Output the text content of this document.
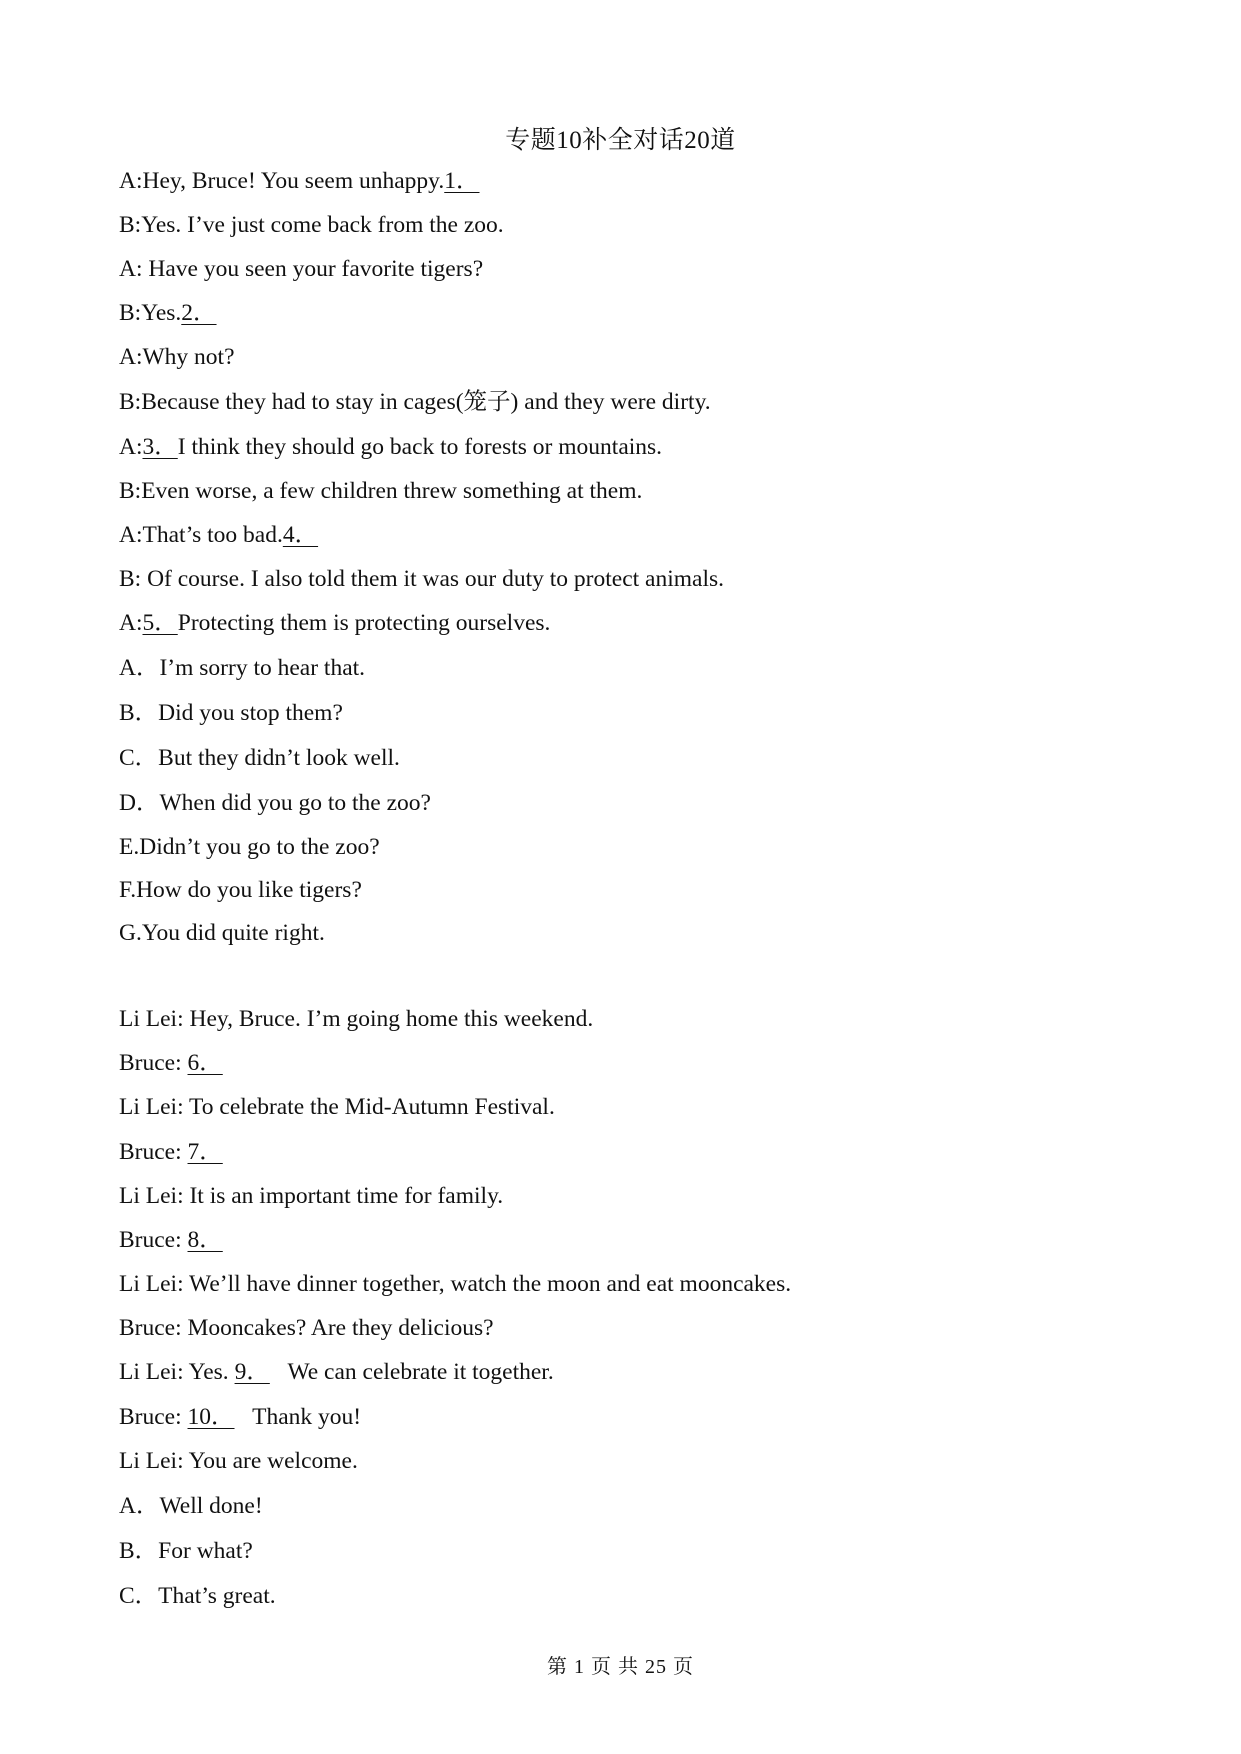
专题10补全对话20道
A:Hey, Bruce! You seem unhappy.1．
B:Yes. I’ve just come back from the zoo.
A: Have you seen your favorite tigers?
B:Yes.2．
A:Why not?
B:Because they had to stay in cages(笼子) and they were dirty.
A:3．I think they should go back to forests or mountains.
B:Even worse, a few children threw something at them.
A:That’s too bad.4．
B: Of course. I also told them it was our duty to protect animals.
A:5．Protecting them is protecting ourselves.
A．I’m sorry to hear that.
B．Did you stop them?
C．But they didn’t look well.
D．When did you go to the zoo?
E.Didn’t you go to the zoo?
F.How do you like tigers?
G.You did quite right.
Li Lei: Hey, Bruce. I’m going home this weekend.
Bruce: 6．
Li Lei: To celebrate the Mid-Autumn Festival.
Bruce: 7．
Li Lei: It is an important time for family.
Bruce: 8．
Li Lei: We’ll have dinner together, watch the moon and eat mooncakes.
Bruce: Mooncakes? Are they delicious?
Li Lei: Yes. 9． We can celebrate it together.
Bruce: 10． Thank you!
Li Lei: You are welcome.
A．Well done!
B．For what?
C．That’s great.
第 1 页 共 25 页
